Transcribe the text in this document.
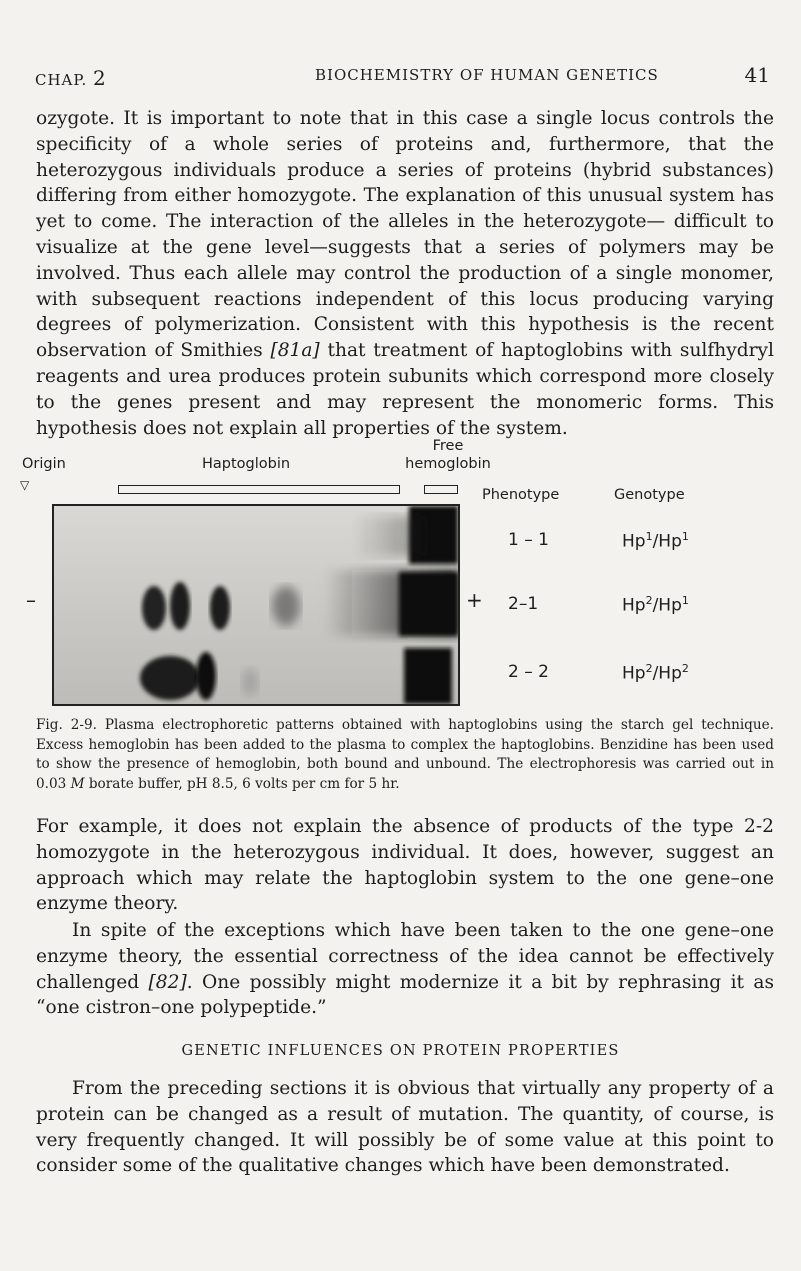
CHAP. 2	BIOCHEMISTRY OF HUMAN GENETICS	41

ozygote. It is important to note that in this case a single locus controls the specificity of a whole series of proteins and, furthermore, that the heterozygous individuals produce a series of proteins (hybrid substances) differing from either homozygote. The explanation of this unusual system has yet to come. The interaction of the alleles in the heterozygote— difficult to visualize at the gene level—suggests that a series of polymers may be involved. Thus each allele may control the production of a single monomer, with subsequent reactions independent of this locus producing varying degrees of polymerization. Consistent with this hypothesis is the recent observation of Smithies [81a] that treatment of haptoglobins with sulfhydryl reagents and urea produces protein subunits which correspond more closely to the genes present and may represent the monomeric forms. This hypothesis does not explain all properties of the system.

Origin	Haptoglobin
Free
hemoglobin
▽
Phenotype	Genotype
–	+
1 – 1	Hp$^1$/Hp$^1$
2–1	Hp$^2$/Hp$^1$
2 – 2	Hp$^2$/Hp$^2$

Fig. 2-9. Plasma electrophoretic patterns obtained with haptoglobins using the starch gel technique. Excess hemoglobin has been added to the plasma to complex the haptoglobins. Benzidine has been used to show the presence of hemoglobin, both bound and unbound. The electrophoresis was carried out in 0.03 M borate buffer, pH 8.5, 6 volts per cm for 5 hr.

For example, it does not explain the absence of products of the type 2-2 homozygote in the heterozygous individual. It does, however, suggest an approach which may relate the haptoglobin system to the one gene–one enzyme theory.

In spite of the exceptions which have been taken to the one gene–one enzyme theory, the essential correctness of the idea cannot be effectively challenged [82]. One possibly might modernize it a bit by rephrasing it as “one cistron–one polypeptide.”

GENETIC INFLUENCES ON PROTEIN PROPERTIES

From the preceding sections it is obvious that virtually any property of a protein can be changed as a result of mutation. The quantity, of course, is very frequently changed. It will possibly be of some value at this point to consider some of the qualitative changes which have been demonstrated.
